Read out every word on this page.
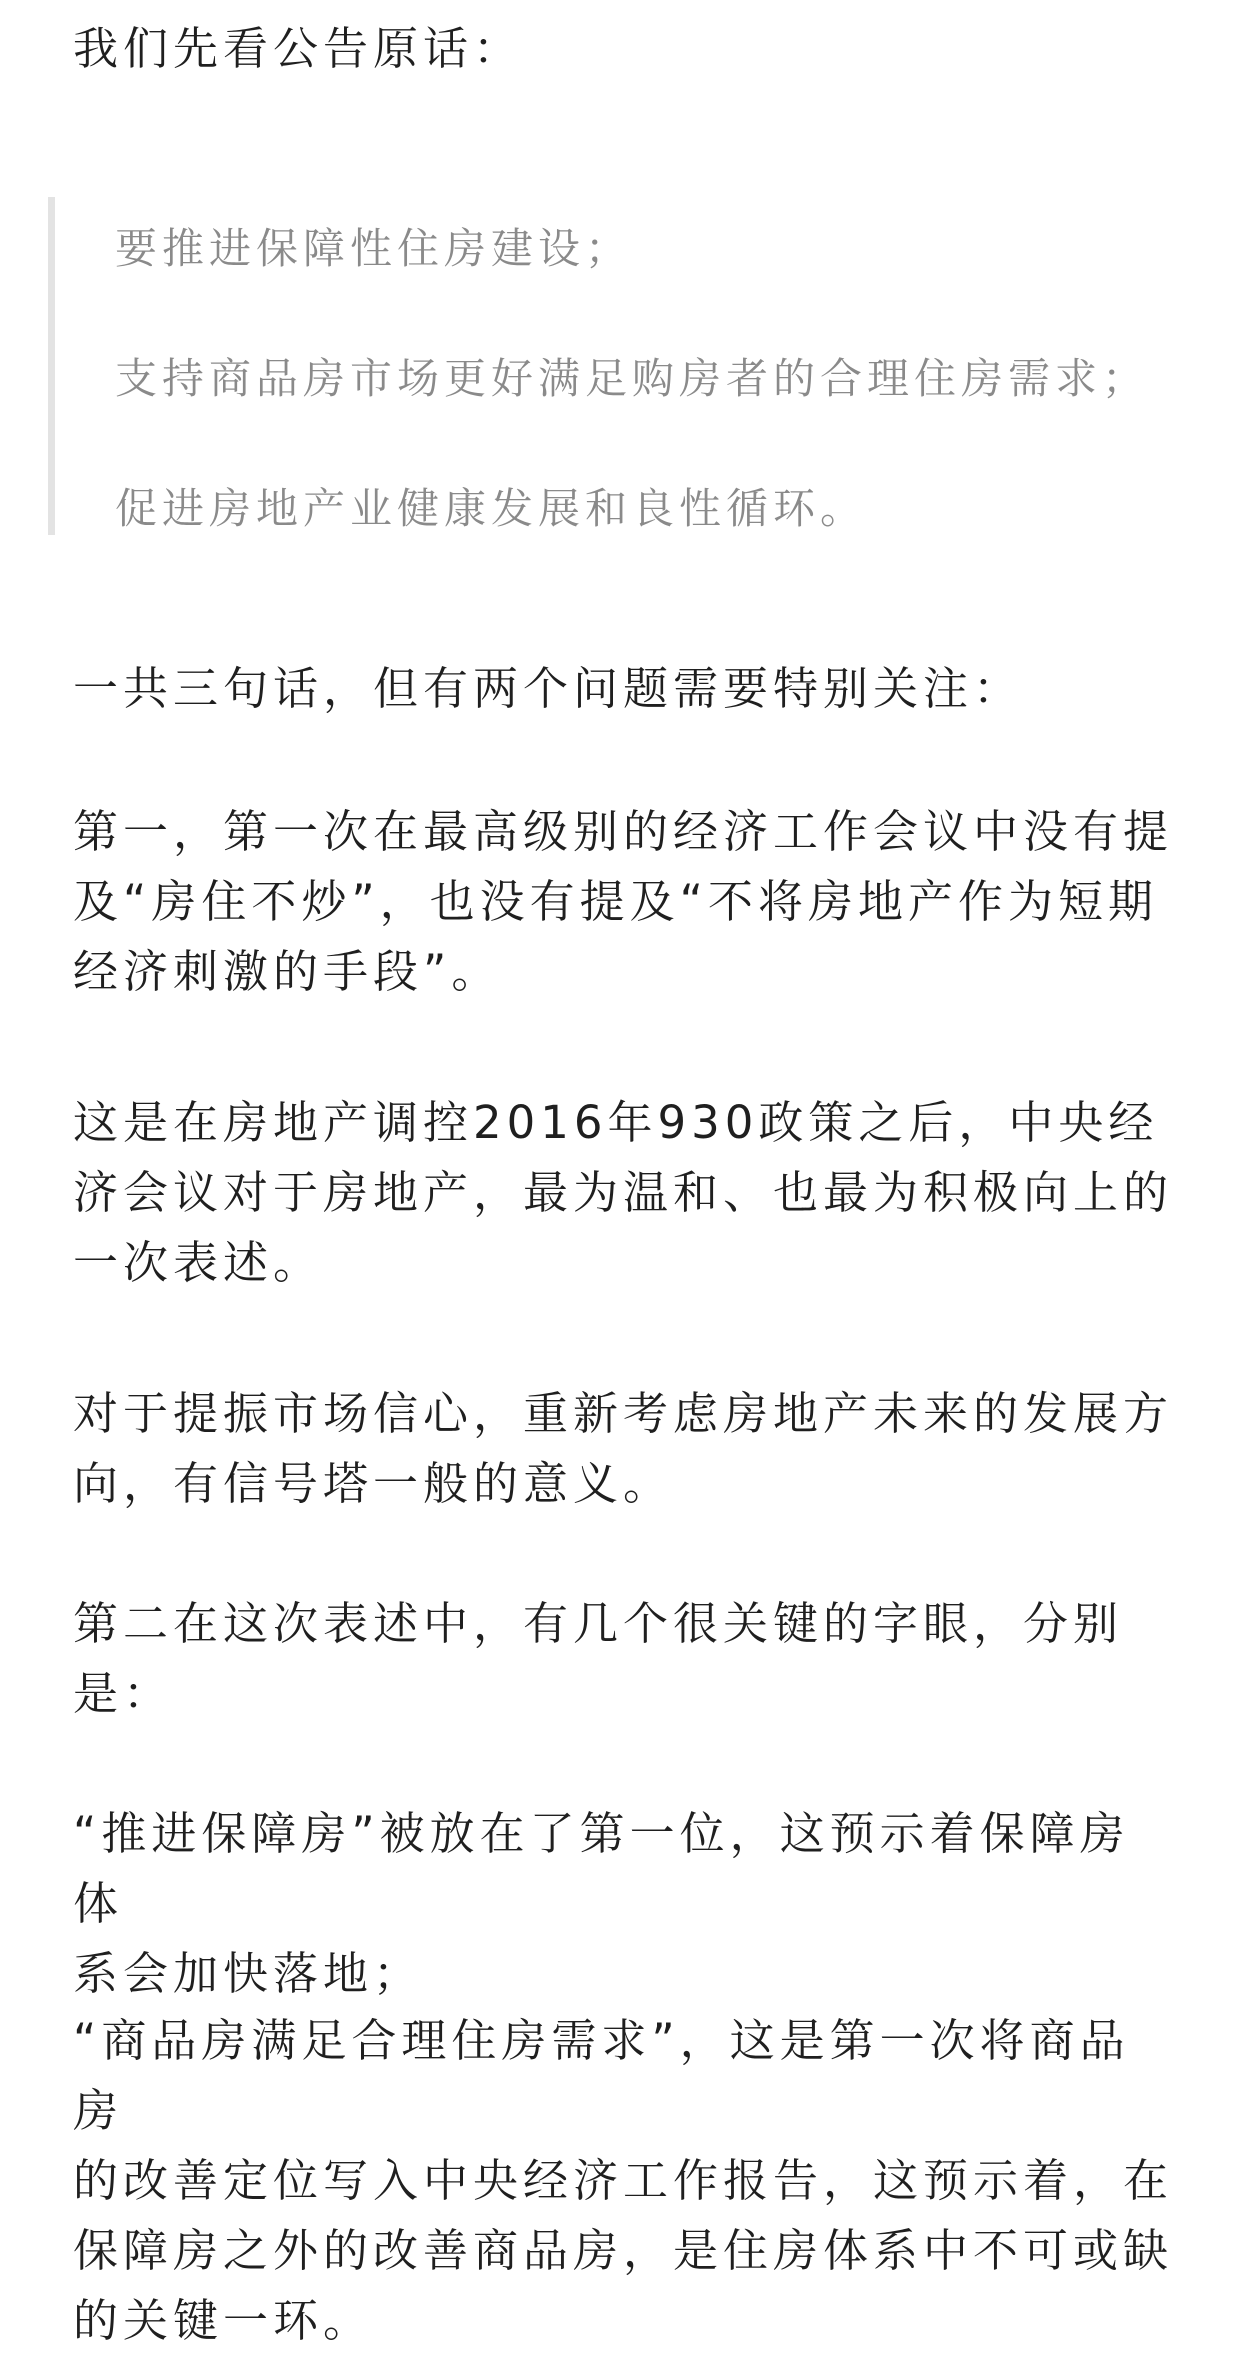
我们先看公告原话：

要推进保障性住房建设；

支持商品房市场更好满足购房者的合理住房需求；

促进房地产业健康发展和良性循环。

一共三句话，但有两个问题需要特别关注：

第一，第一次在最高级别的经济工作会议中没有提

及“房住不炒”，也没有提及“不将房地产作为短期

经济刺激的手段”。

这是在房地产调控2016年930政策之后，中央经

济会议对于房地产，最为温和、也最为积极向上的

一次表述。

对于提振市场信心，重新考虑房地产未来的发展方

向，有信号塔一般的意义。

第二在这次表述中，有几个很关键的字眼，分别

是：

“推进保障房”被放在了第一位，这预示着保障房体

系会加快落地；

“商品房满足合理住房需求”，这是第一次将商品房

的改善定位写入中央经济工作报告，这预示着，在

保障房之外的改善商品房，是住房体系中不可或缺

的关键一环。
